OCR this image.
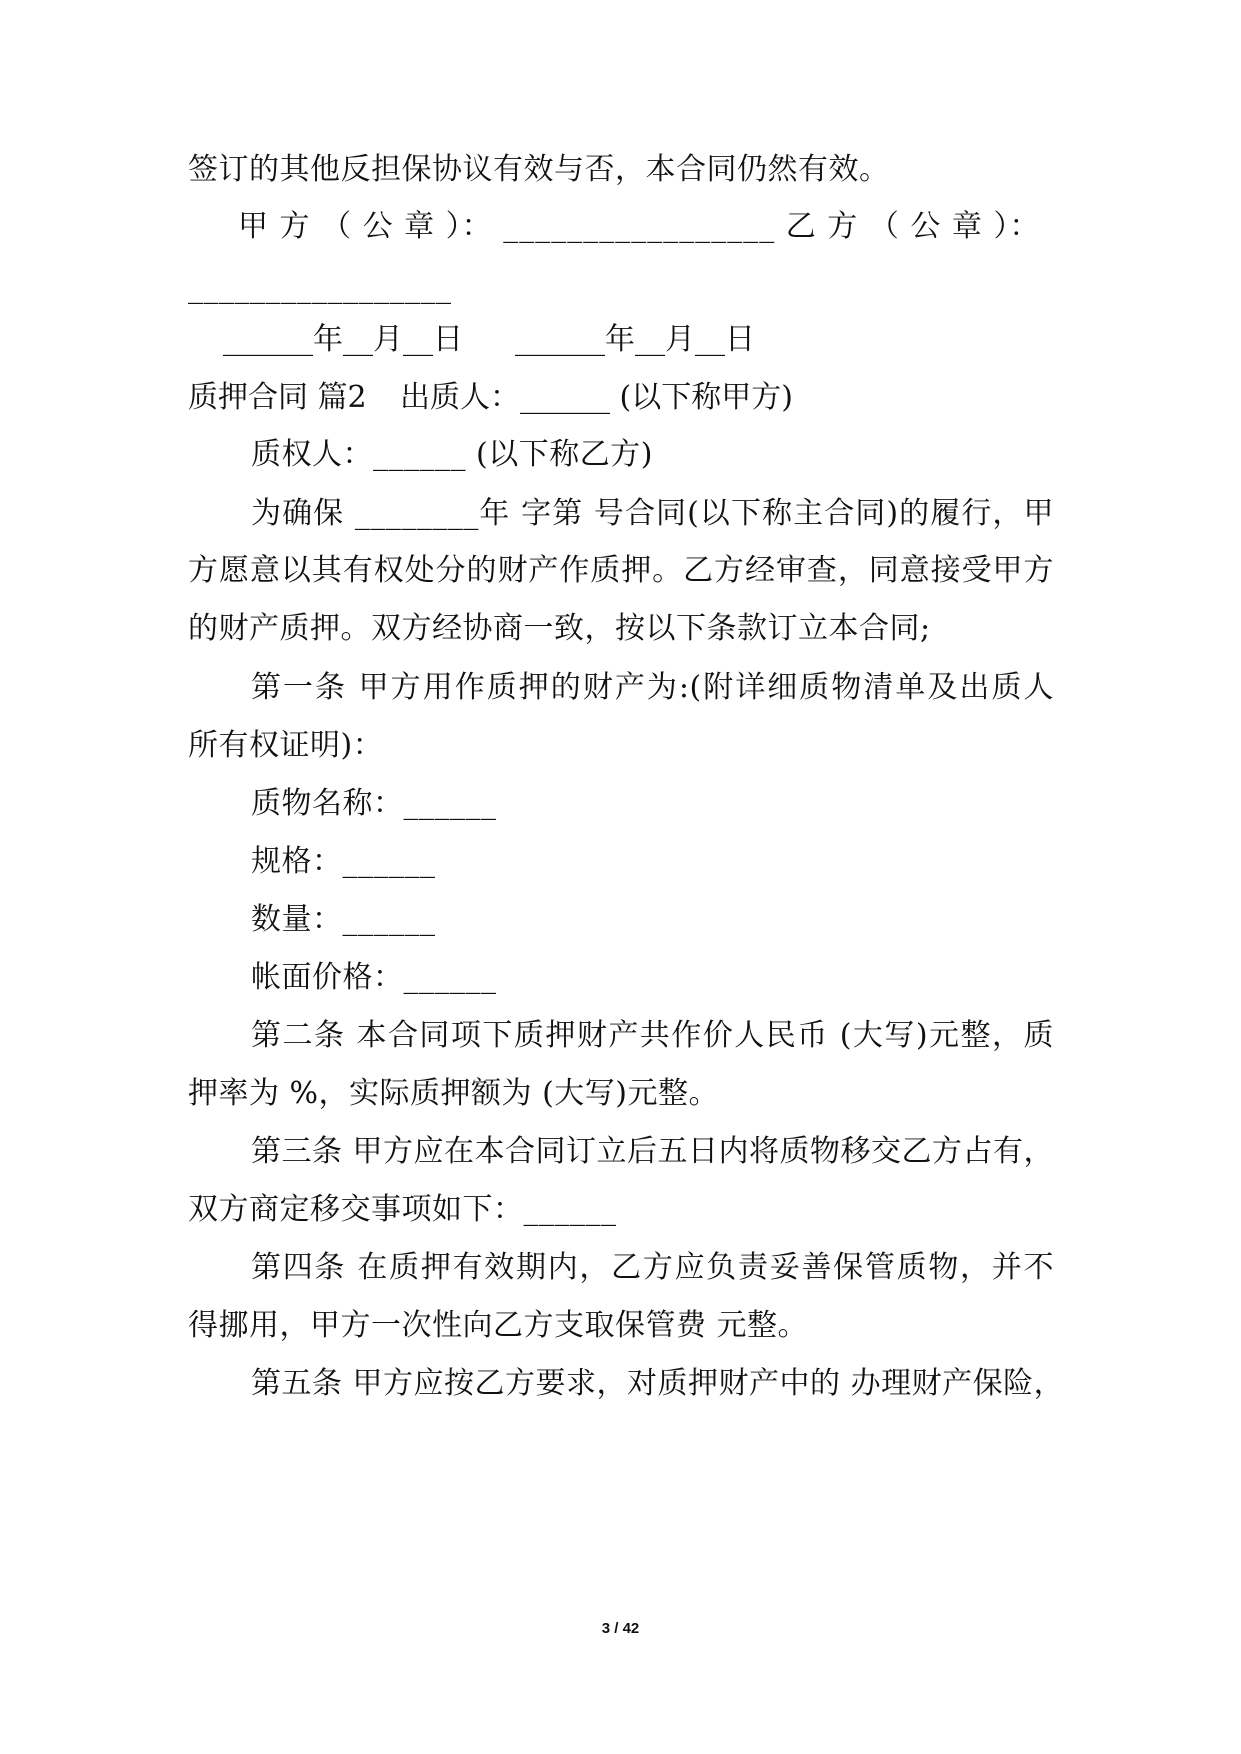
签订的其他反担保协议有效与否，本合同仍然有效。
甲 方 （ 公 章 ）： _________________ 乙 方 （ 公 章 ）：
_________________
______年__月__日 ______年__月__日
质押合同 篇2 出质人：______ (以下称甲方)
质权人：______ (以下称乙方)
为确保 ________年 字第 号合同(以下称主合同)的履行，甲
方愿意以其有权处分的财产作质押。乙方经审查，同意接受甲方
的财产质押。双方经协商一致，按以下条款订立本合同;
第一条 甲方用作质押的财产为:(附详细质物清单及出质人
所有权证明)：
质物名称：______
规格：______
数量：______
帐面价格：______
第二条 本合同项下质押财产共作价人民币 (大写)元整，质
押率为 %，实际质押额为 (大写)元整。
第三条 甲方应在本合同订立后五日内将质物移交乙方占有，
双方商定移交事项如下：______
第四条 在质押有效期内，乙方应负责妥善保管质物，并不
得挪用，甲方一次性向乙方支取保管费 元整。
第五条 甲方应按乙方要求，对质押财产中的 办理财产保险，
3 / 42
